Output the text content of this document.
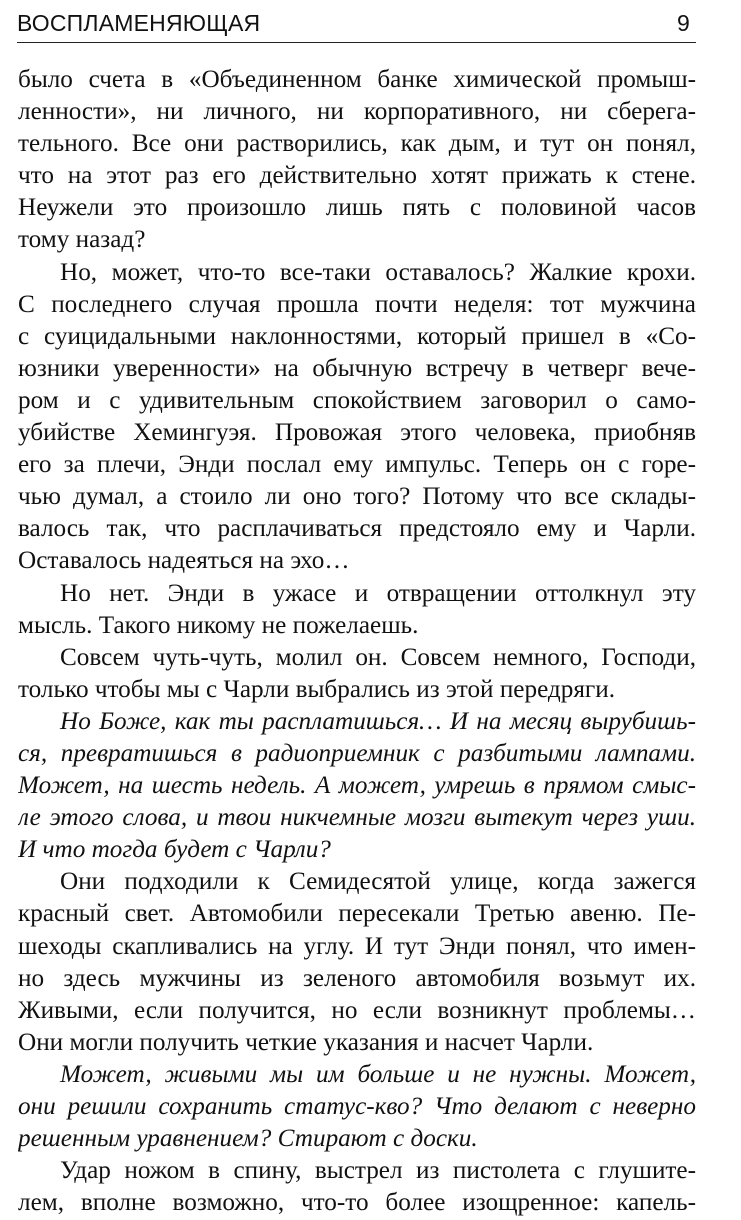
ВОСПЛАМЕНЯЮЩАЯ	9
было счета в «Объединенном банке химической промыш-
ленности», ни личного, ни корпоративного, ни сберега-
тельного. Все они растворились, как дым, и тут он понял,
что на этот раз его действительно хотят прижать к стене.
Неужели это произошло лишь пять с половиной часов
тому назад?
Но, может, что-то все-таки оставалось? Жалкие крохи.
С последнего случая прошла почти неделя: тот мужчина
с суицидальными наклонностями, который пришел в «Со-
юзники уверенности» на обычную встречу в четверг вече-
ром и с удивительным спокойствием заговорил о само-
убийстве Хемингуэя. Провожая этого человека, приобняв
его за плечи, Энди послал ему импульс. Теперь он с горе-
чью думал, а стоило ли оно того? Потому что все склады-
валось так, что расплачиваться предстояло ему и Чарли.
Оставалось надеяться на эхо…
Но нет. Энди в ужасе и отвращении оттолкнул эту
мысль. Такого никому не пожелаешь.
Совсем чуть-чуть, молил он. Совсем немного, Господи,
только чтобы мы с Чарли выбрались из этой передряги.
Но Боже, как ты расплатишься… И на месяц вырубишь-
ся, превратишься в радиоприемник с разбитыми лампами.
Может, на шесть недель. А может, умрешь в прямом смыс-
ле этого слова, и твои никчемные мозги вытекут через уши.
И что тогда будет с Чарли?
Они подходили к Семидесятой улице, когда зажегся
красный свет. Автомобили пересекали Третью авеню. Пе-
шеходы скапливались на углу. И тут Энди понял, что имен-
но здесь мужчины из зеленого автомобиля возьмут их.
Живыми, если получится, но если возникнут проблемы…
Они могли получить четкие указания и насчет Чарли.
Может, живыми мы им больше и не нужны. Может,
они решили сохранить статус-кво? Что делают с неверно
решенным уравнением? Стирают с доски.
Удар ножом в спину, выстрел из пистолета с глушите-
лем, вполне возможно, что-то более изощренное: капель-
